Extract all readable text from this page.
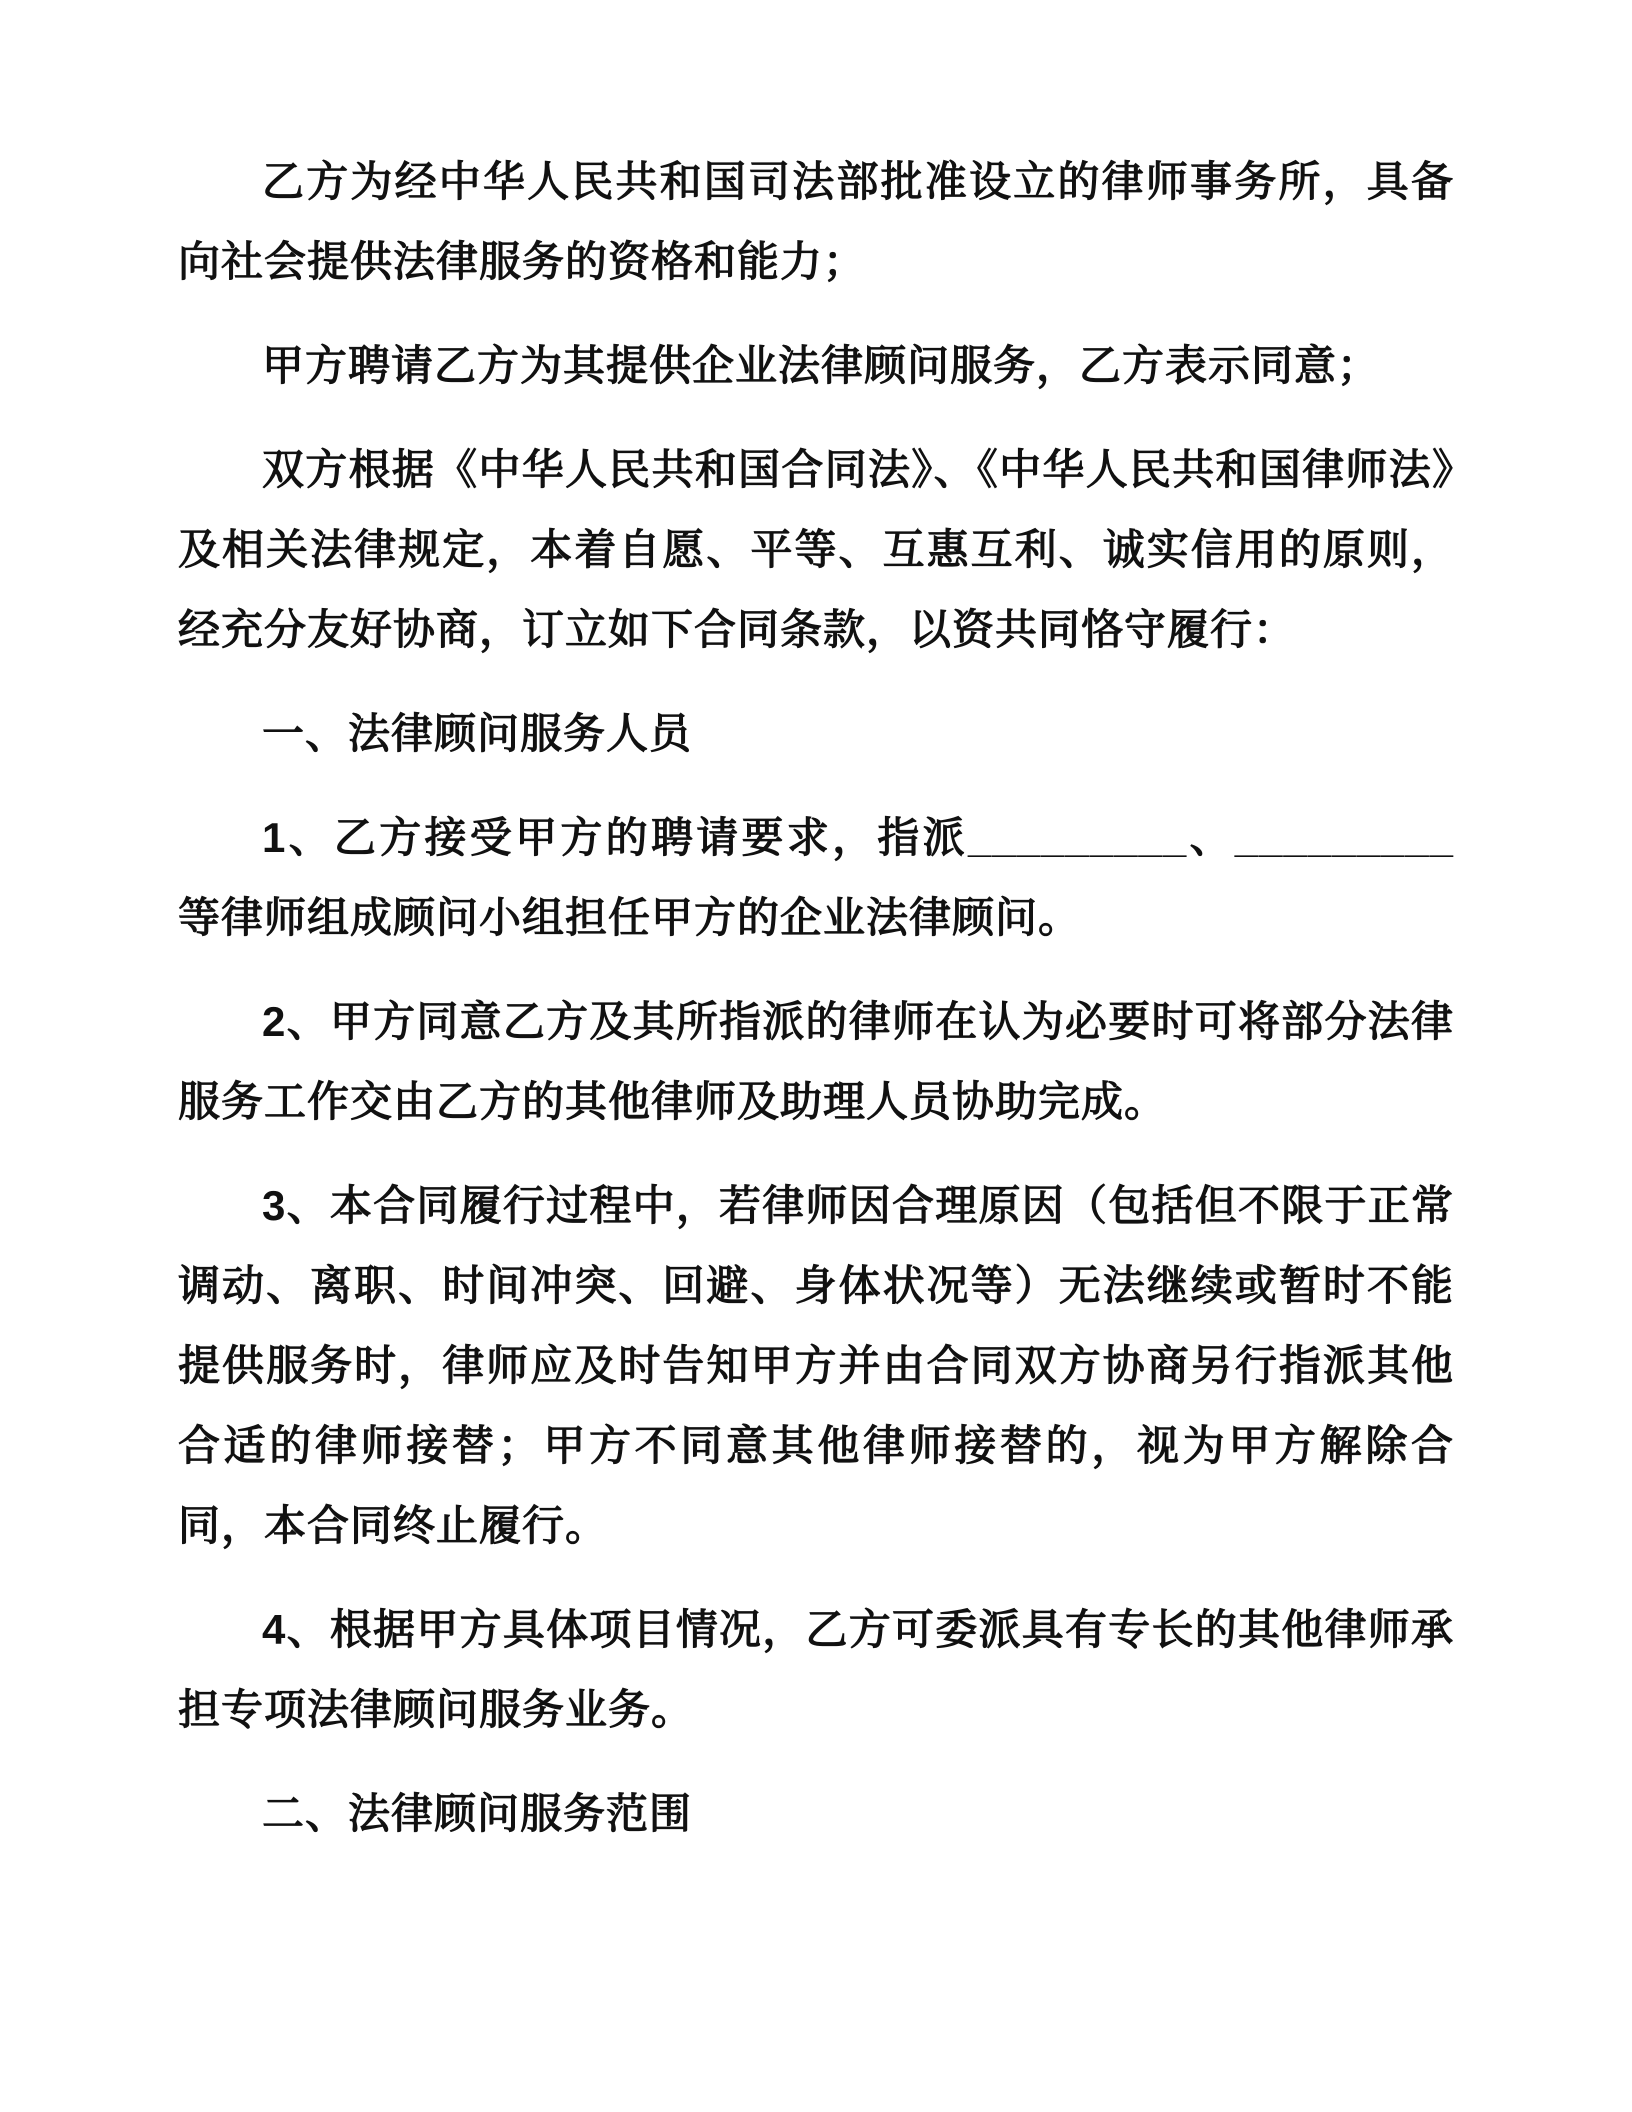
乙方为经中华人民共和国司法部批准设立的律师事务所，具备向社会提供法律服务的资格和能力；

甲方聘请乙方为其提供企业法律顾问服务，乙方表示同意；

双方根据《中华人民共和国合同法》、《中华人民共和国律师法》及相关法律规定，本着自愿、平等、互惠互利、诚实信用的原则，经充分友好协商，订立如下合同条款，以资共同恪守履行：

一、法律顾问服务人员

1、乙方接受甲方的聘请要求，指派_________、_________等律师组成顾问小组担任甲方的企业法律顾问。

2、甲方同意乙方及其所指派的律师在认为必要时可将部分法律服务工作交由乙方的其他律师及助理人员协助完成。

3、本合同履行过程中，若律师因合理原因（包括但不限于正常调动、离职、时间冲突、回避、身体状况等）无法继续或暂时不能提供服务时，律师应及时告知甲方并由合同双方协商另行指派其他合适的律师接替；甲方不同意其他律师接替的，视为甲方解除合同，本合同终止履行。

4、根据甲方具体项目情况，乙方可委派具有专长的其他律师承担专项法律顾问服务业务。

二、法律顾问服务范围
